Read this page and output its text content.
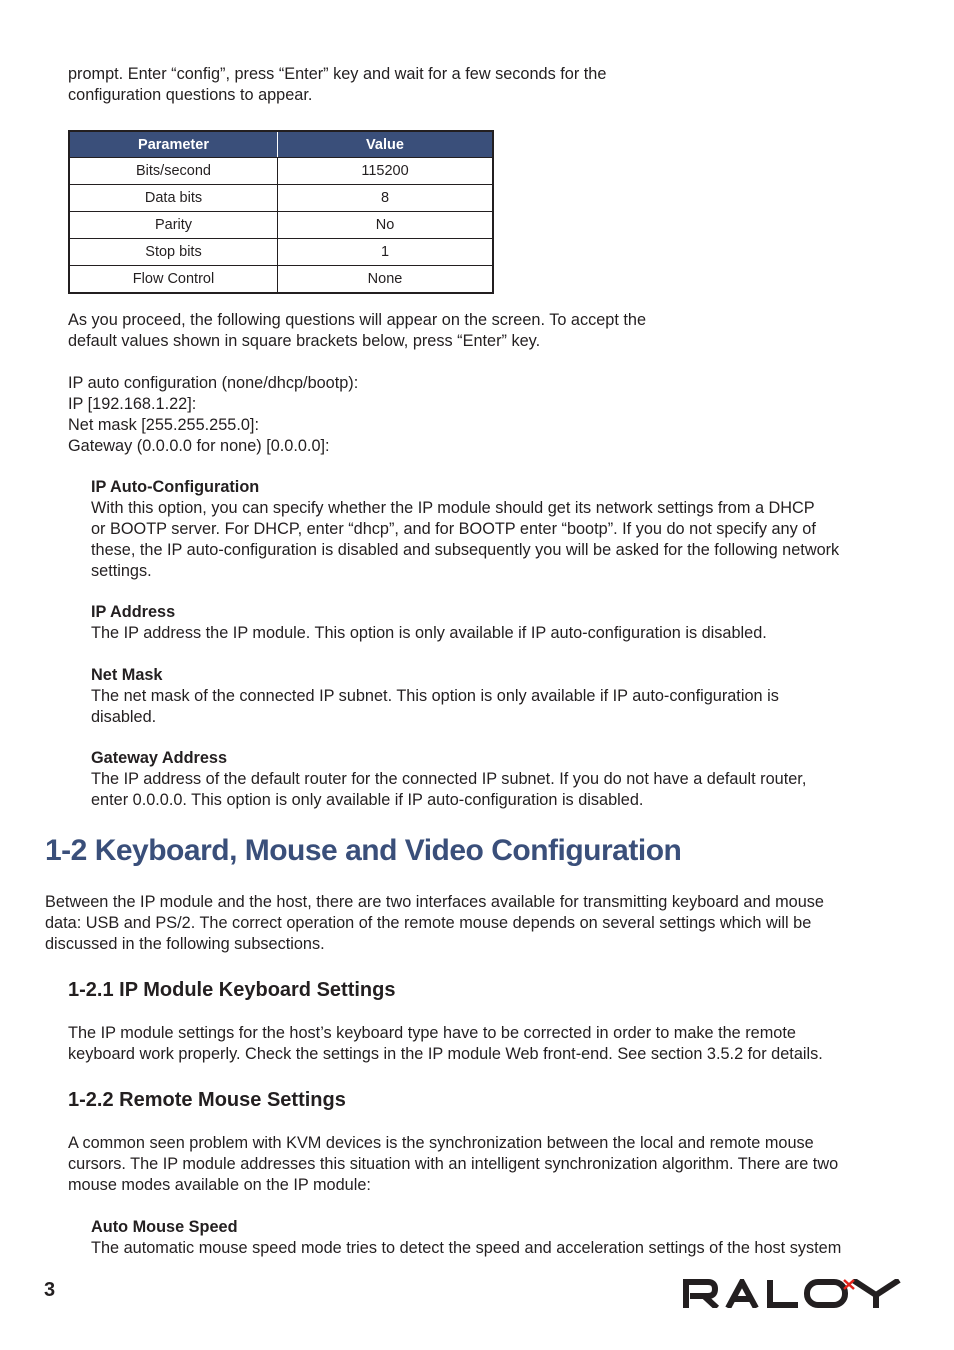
prompt. Enter “config”, press “Enter” key and wait for a few seconds for the
configuration questions to appear.
Parameter	Value
Bits/second	115200
Data bits	8
Parity	No
Stop bits	1
Flow Control	None
As you proceed, the following questions will appear on the screen. To accept the
default values shown in square brackets below, press “Enter” key.
IP auto configuration (none/dhcp/bootp):
IP [192.168.1.22]:
Net mask [255.255.255.0]:
Gateway (0.0.0.0 for none) [0.0.0.0]:
IP Auto-Configuration
With this option, you can specify whether the IP module should get its network settings from a DHCP
or BOOTP server. For DHCP, enter “dhcp”, and for BOOTP enter “bootp”. If you do not specify any of
these, the IP auto-configuration is disabled and subsequently you will be asked for the following network
settings.
IP Address
The IP address the IP module. This option is only available if IP auto-configuration is disabled.
Net Mask
The net mask of the connected IP subnet. This option is only available if IP auto-configuration is
disabled.
Gateway Address
The IP address of the default router for the connected IP subnet. If you do not have a default router,
enter 0.0.0.0. This option is only available if IP auto-configuration is disabled.
1-2 Keyboard, Mouse and Video Configuration
Between the IP module and the host, there are two interfaces available for transmitting keyboard and mouse
data: USB and PS/2. The correct operation of the remote mouse depends on several settings which will be
discussed in the following subsections.
1-2.1 IP Module Keyboard Settings
The IP module settings for the host’s keyboard type have to be corrected in order to make the remote
keyboard work properly. Check the settings in the IP module Web front-end. See section 3.5.2 for details.
1-2.2 Remote Mouse Settings
A common seen problem with KVM devices is the synchronization between the local and remote mouse
cursors. The IP module addresses this situation with an intelligent synchronization algorithm. There are two
mouse modes available on the IP module:
Auto Mouse Speed
The automatic mouse speed mode tries to detect the speed and acceleration settings of the host system
3
